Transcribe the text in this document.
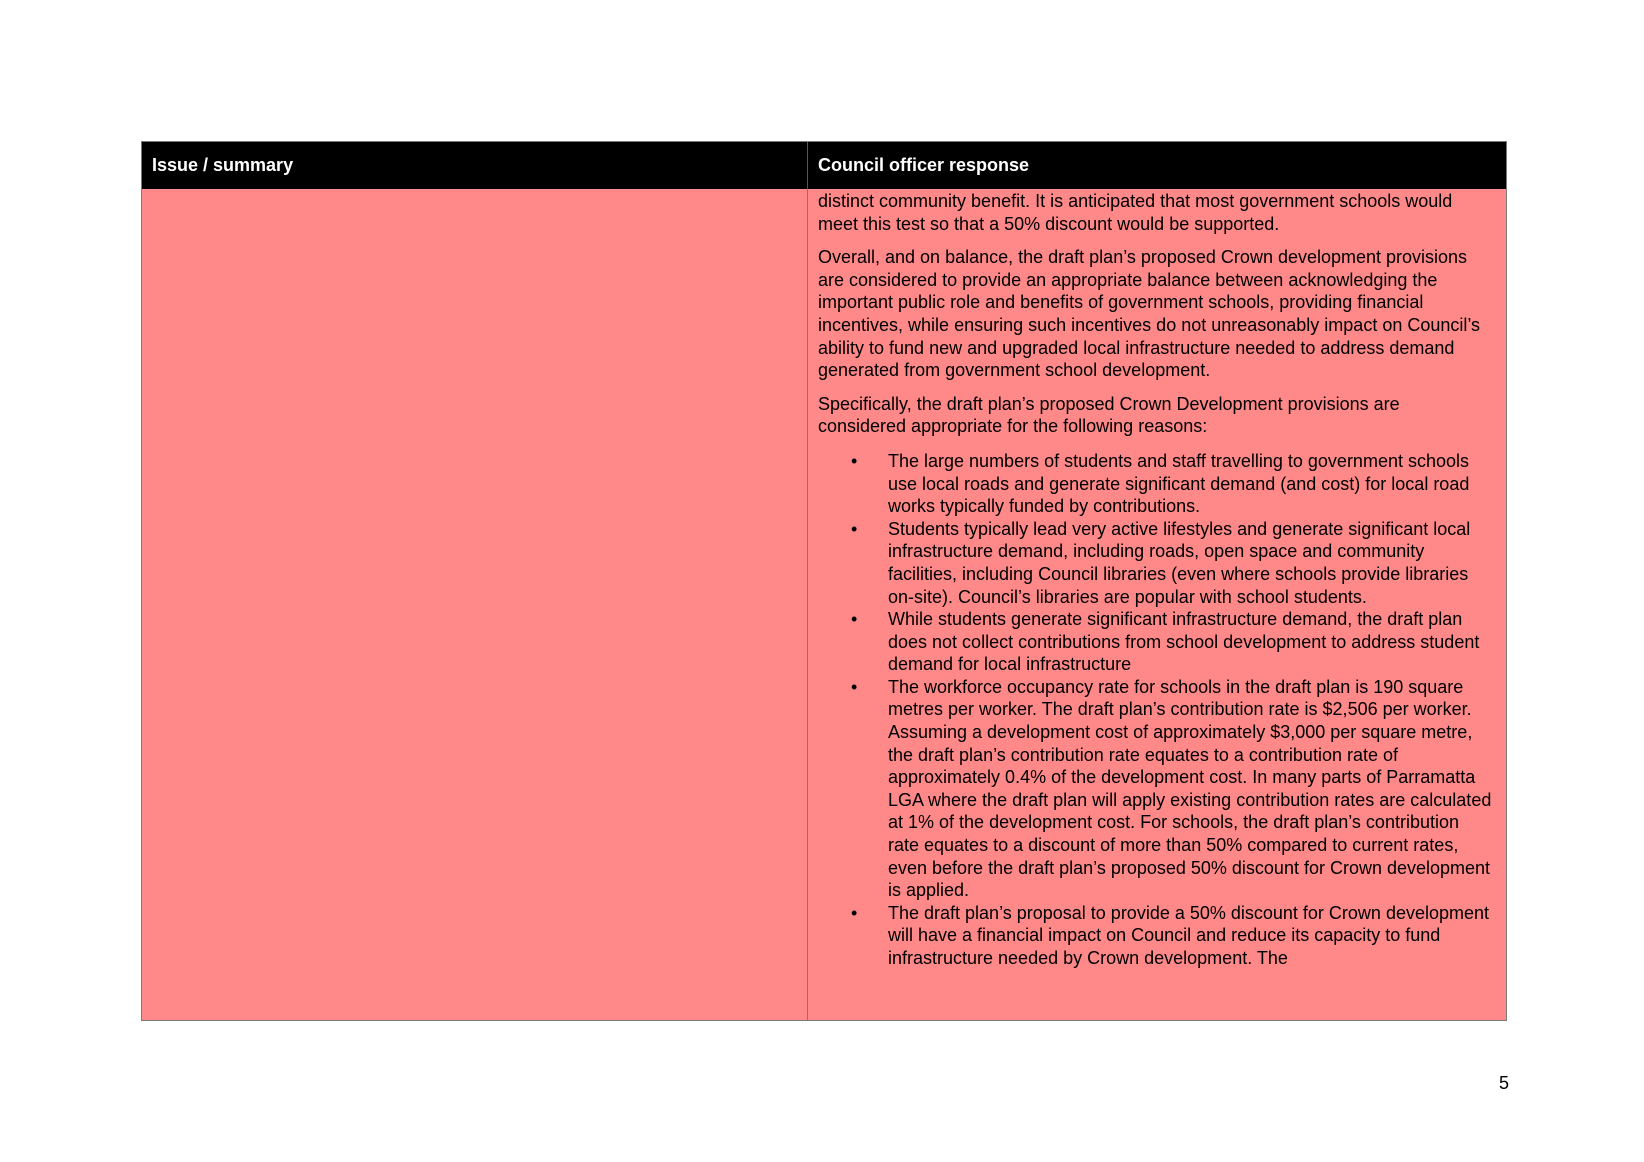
Issue / summary	Council officer response

distinct community benefit. It is anticipated that most government schools would meet this test so that a 50% discount would be supported.

Overall, and on balance, the draft plan’s proposed Crown development provisions are considered to provide an appropriate balance between acknowledging the important public role and benefits of government schools, providing financial incentives, while ensuring such incentives do not unreasonably impact on Council’s ability to fund new and upgraded local infrastructure needed to address demand generated from government school development.

Specifically, the draft plan’s proposed Crown Development provisions are considered appropriate for the following reasons:

• The large numbers of students and staff travelling to government schools use local roads and generate significant demand (and cost) for local road works typically funded by contributions.
• Students typically lead very active lifestyles and generate significant local infrastructure demand, including roads, open space and community facilities, including Council libraries (even where schools provide libraries on-site). Council’s libraries are popular with school students.
• While students generate significant infrastructure demand, the draft plan does not collect contributions from school development to address student demand for local infrastructure
• The workforce occupancy rate for schools in the draft plan is 190 square metres per worker. The draft plan’s contribution rate is $2,506 per worker. Assuming a development cost of approximately $3,000 per square metre, the draft plan’s contribution rate equates to a contribution rate of approximately 0.4% of the development cost. In many parts of Parramatta LGA where the draft plan will apply existing contribution rates are calculated at 1% of the development cost. For schools, the draft plan’s contribution rate equates to a discount of more than 50% compared to current rates, even before the draft plan’s proposed 50% discount for Crown development is applied.
• The draft plan’s proposal to provide a 50% discount for Crown development will have a financial impact on Council and reduce its capacity to fund infrastructure needed by Crown development. The
5
